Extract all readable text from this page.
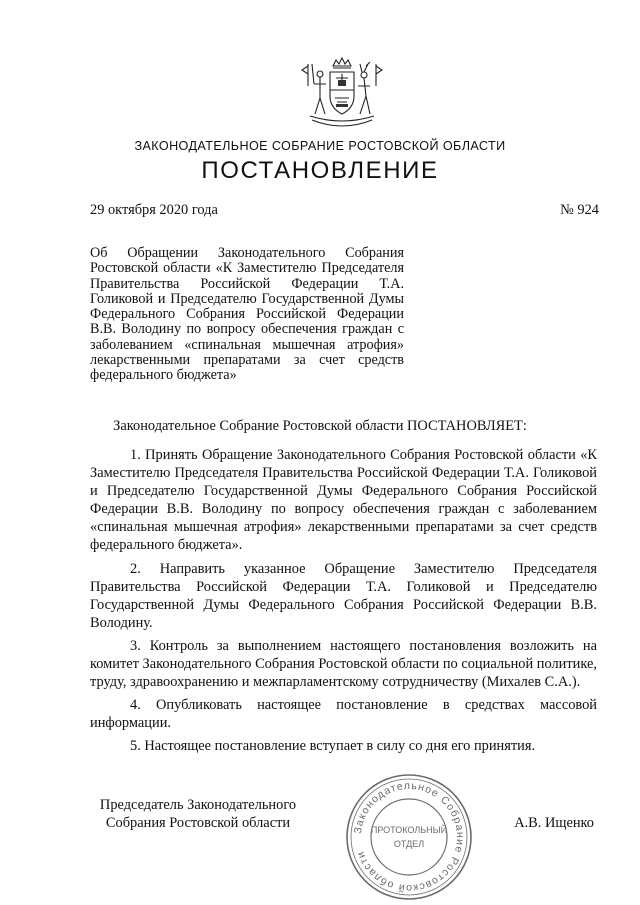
ЗАКОНОДАТЕЛЬНОЕ СОБРАНИЕ РОСТОВСКОЙ ОБЛАСТИ
ПОСТАНОВЛЕНИЕ
29 октября 2020 года	№ 924
Об Обращении Законодательного Собрания Ростовской области «К Заместителю Председателя Правительства Российской Федерации Т.А. Голиковой и Председателю Государственной Думы Федерального Собрания Российской Федерации В.В. Володину по вопросу обеспечения граждан с заболеванием «спинальная мышечная атрофия» лекарственными препаратами за счет средств федерального бюджета»
Законодательное Собрание Ростовской области ПОСТАНОВЛЯЕТ:

1. Принять Обращение Законодательного Собрания Ростовской области «К Заместителю Председателя Правительства Российской Федерации Т.А. Голиковой и Председателю Государственной Думы Федерального Собрания Российской Федерации В.В. Володину по вопросу обеспечения граждан с заболеванием «спинальная мышечная атрофия» лекарственными препаратами за счет средств федерального бюджета».

2. Направить указанное Обращение Заместителю Председателя Правительства Российской Федерации Т.А. Голиковой и Председателю Государственной Думы Федерального Собрания Российской Федерации В.В. Володину.

3. Контроль за выполнением настоящего постановления возложить на комитет Законодательного Собрания Ростовской области по социальной политике, труду, здравоохранению и межпарламентскому сотрудничеству (Михалев С.А.).

4. Опубликовать настоящее постановление в средствах массовой информации.

5. Настоящее постановление вступает в силу со дня его принятия.

Председатель Законодательного
Собрания Ростовской области	Законодательное Собрание Ростовской области
ПРОТОКОЛЬНЫЙ
ОТДЕЛ
А.В. Ищенко
